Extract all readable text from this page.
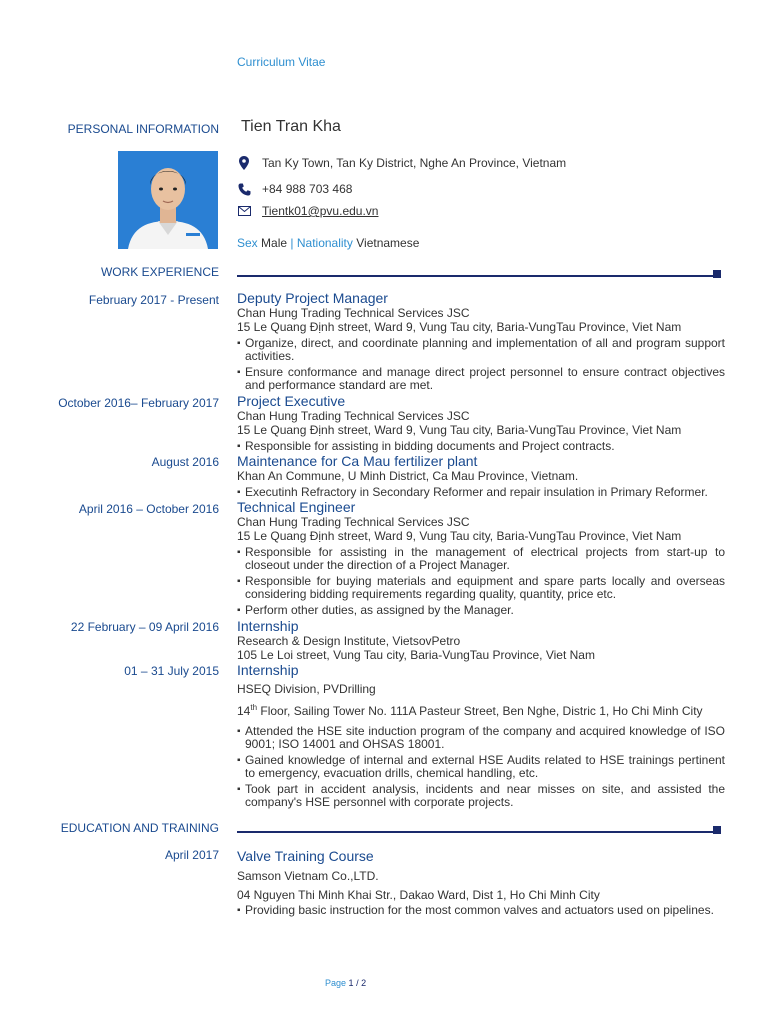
Curriculum Vitae
PERSONAL INFORMATION Tien Tran Kha
Tan Ky Town, Tan Ky District, Nghe An Province, Vietnam
+84 988 703 468
Tientk01@pvu.edu.vn
Sex Male | Nationality Vietnamese
WORK EXPERIENCE
February 2017 - Present Deputy Project Manager
Chan Hung Trading Technical Services JSC
15 Le Quang Định street, Ward 9, Vung Tau city, Baria-VungTau Province, Viet Nam
▪ Organize, direct, and coordinate planning and implementation of all and program support activities.
▪ Ensure conformance and manage direct project personnel to ensure contract objectives and performance standard are met.
October 2016– February 2017 Project Executive
Chan Hung Trading Technical Services JSC
15 Le Quang Định street, Ward 9, Vung Tau city, Baria-VungTau Province, Viet Nam
▪ Responsible for assisting in bidding documents and Project contracts.
August 2016 Maintenance for Ca Mau fertilizer plant
Khan An Commune, U Minh District, Ca Mau Province, Vietnam.
▪ Executinh Refractory in Secondary Reformer and repair insulation in Primary Reformer.
April 2016 – October 2016 Technical Engineer
Chan Hung Trading Technical Services JSC
15 Le Quang Định street, Ward 9, Vung Tau city, Baria-VungTau Province, Viet Nam
▪ Responsible for assisting in the management of electrical projects from start-up to closeout under the direction of a Project Manager.
▪ Responsible for buying materials and equipment and spare parts locally and overseas considering bidding requirements regarding quality, quantity, price etc.
▪ Perform other duties, as assigned by the Manager.
22 February – 09 April 2016 Internship
Research & Design Institute, VietsovPetro
105 Le Loi street, Vung Tau city, Baria-VungTau Province, Viet Nam
01 – 31 July 2015 Internship
HSEQ Division, PVDrilling
14th Floor, Sailing Tower No. 111A Pasteur Street, Ben Nghe, Distric 1, Ho Chi Minh City
▪ Attended the HSE site induction program of the company and acquired knowledge of ISO 9001; ISO 14001 and OHSAS 18001.
▪ Gained knowledge of internal and external HSE Audits related to HSE trainings pertinent to emergency, evacuation drills, chemical handling, etc.
▪ Took part in accident analysis, incidents and near misses on site, and assisted the company's HSE personnel with corporate projects.
EDUCATION AND TRAINING
April 2017 Valve Training Course
Samson Vietnam Co.,LTD.
04 Nguyen Thi Minh Khai Str., Dakao Ward, Dist 1, Ho Chi Minh City
▪ Providing basic instruction for the most common valves and actuators used on pipelines.
Page 1 / 2
